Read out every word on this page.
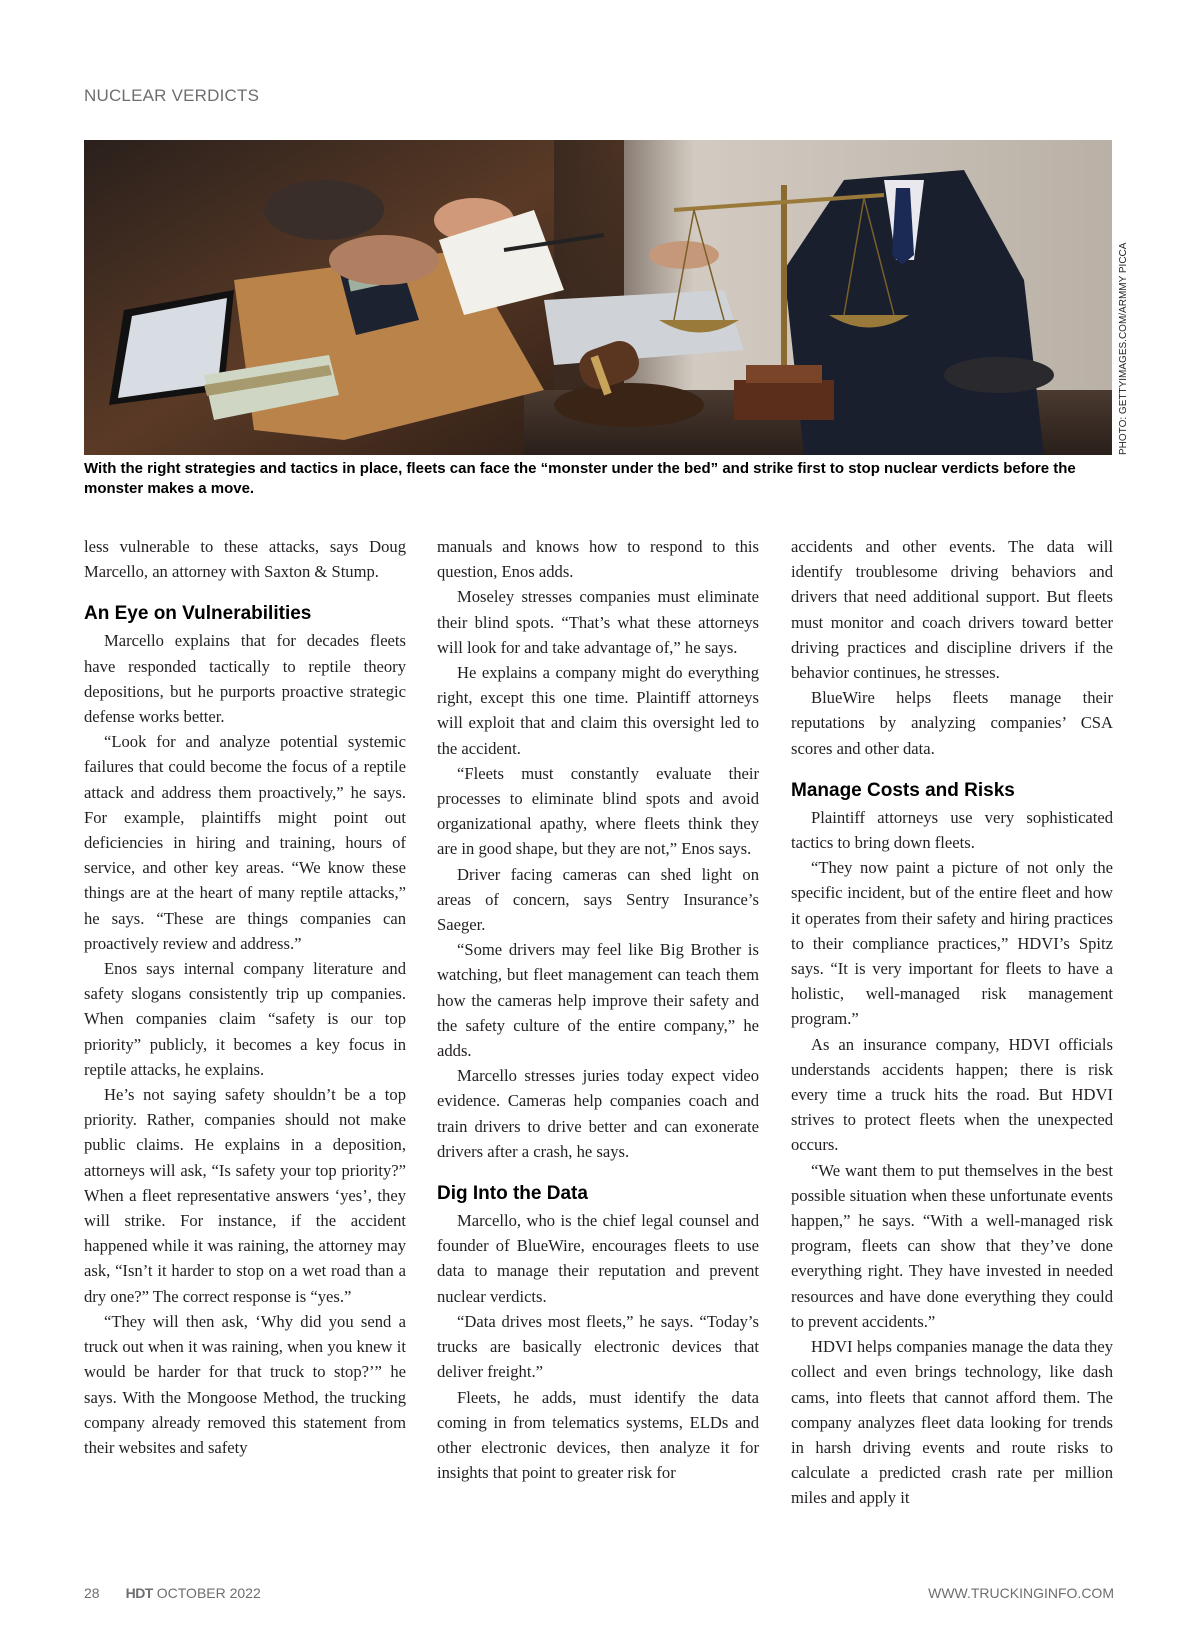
NUCLEAR VERDICTS
PHOTO: GETTYIMAGES.COM/ARMMY PICCA
With the right strategies and tactics in place, fleets can face the “monster under the bed” and strike first to stop nuclear verdicts before the monster makes a move.

less vulnerable to these attacks, says Doug Marcello, an attorney with Saxton & Stump.

An Eye on Vulnerabilities

Marcello explains that for decades fleets have responded tactically to reptile theory depositions, but he purports proactive strategic defense works better.

“Look for and analyze potential systemic failures that could become the focus of a reptile attack and address them proactively,” he says. For example, plaintiffs might point out deficiencies in hiring and training, hours of service, and other key areas. “We know these things are at the heart of many reptile attacks,” he says. “These are things companies can proactively review and address.”

Enos says internal company literature and safety slogans consistently trip up companies. When companies claim “safety is our top priority” publicly, it becomes a key focus in reptile attacks, he explains.

He’s not saying safety shouldn’t be a top priority. Rather, companies should not make public claims. He explains in a deposition, attorneys will ask, “Is safety your top priority?” When a fleet representative answers ‘yes’, they will strike. For instance, if the accident happened while it was raining, the attorney may ask, “Isn’t it harder to stop on a wet road than a dry one?” The correct response is “yes.”

“They will then ask, ‘Why did you send a truck out when it was raining, when you knew it would be harder for that truck to stop?’” he says. With the Mongoose Method, the trucking company already removed this statement from their websites and safety

manuals and knows how to respond to this question, Enos adds.

Moseley stresses companies must eliminate their blind spots. “That’s what these attorneys will look for and take advantage of,” he says.

He explains a company might do everything right, except this one time. Plaintiff attorneys will exploit that and claim this oversight led to the accident.

“Fleets must constantly evaluate their processes to eliminate blind spots and avoid organizational apathy, where fleets think they are in good shape, but they are not,” Enos says.

Driver facing cameras can shed light on areas of concern, says Sentry Insurance’s Saeger.

“Some drivers may feel like Big Brother is watching, but fleet management can teach them how the cameras help improve their safety and the safety culture of the entire company,” he adds.

Marcello stresses juries today expect video evidence. Cameras help companies coach and train drivers to drive better and can exonerate drivers after a crash, he says.

Dig Into the Data

Marcello, who is the chief legal counsel and founder of BlueWire, encourages fleets to use data to manage their reputation and prevent nuclear verdicts.

“Data drives most fleets,” he says. “Today’s trucks are basically electronic devices that deliver freight.”

Fleets, he adds, must identify the data coming in from telematics systems, ELDs and other electronic devices, then analyze it for insights that point to greater risk for

accidents and other events. The data will identify troublesome driving behaviors and drivers that need additional support. But fleets must monitor and coach drivers toward better driving practices and discipline drivers if the behavior continues, he stresses.

BlueWire helps fleets manage their reputations by analyzing companies’ CSA scores and other data.

Manage Costs and Risks

Plaintiff attorneys use very sophisticated tactics to bring down fleets.

“They now paint a picture of not only the specific incident, but of the entire fleet and how it operates from their safety and hiring practices to their compliance practices,” HDVI’s Spitz says. “It is very important for fleets to have a holistic, well-managed risk management program.”

As an insurance company, HDVI officials understands accidents happen; there is risk every time a truck hits the road. But HDVI strives to protect fleets when the unexpected occurs.

“We want them to put themselves in the best possible situation when these unfortunate events happen,” he says. “With a well-managed risk program, fleets can show that they’ve done everything right. They have invested in needed resources and have done everything they could to prevent accidents.”

HDVI helps companies manage the data they collect and even brings technology, like dash cams, into fleets that cannot afford them. The company analyzes fleet data looking for trends in harsh driving events and route risks to calculate a predicted crash rate per million miles and apply it

28 HDT OCTOBER 2022	WWW.TRUCKINGINFO.COM
